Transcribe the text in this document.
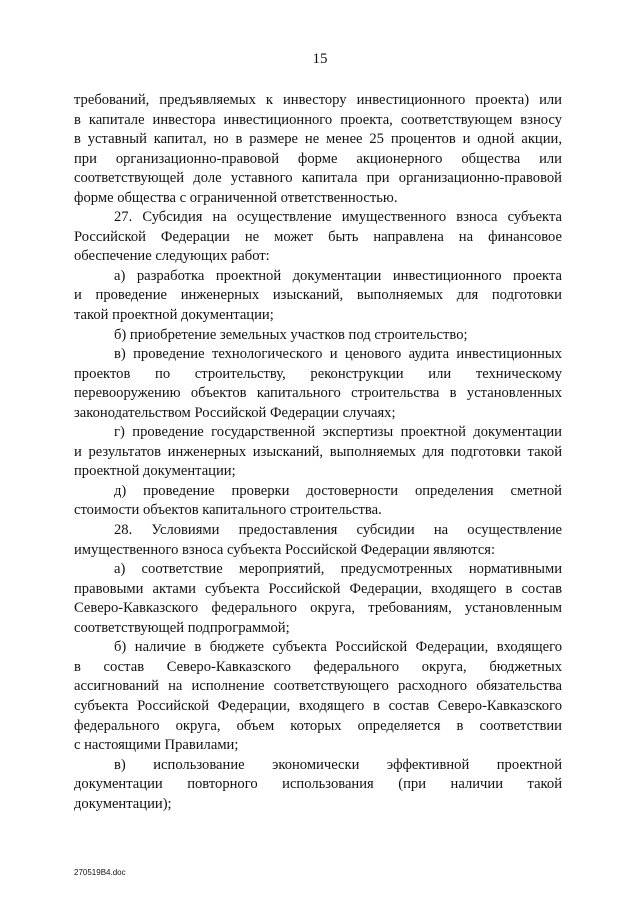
15

требований, предъявляемых к инвестору инвестиционного проекта) или
в капитале инвестора инвестиционного проекта, соответствующем взносу
в уставный капитал, но в размере не менее 25 процентов и одной акции,
при организационно-правовой форме акционерного общества или
соответствующей доле уставного капитала при организационно-правовой
форме общества с ограниченной ответственностью.

27. Субсидия на осуществление имущественного взноса субъекта
Российской Федерации не может быть направлена на финансовое
обеспечение следующих работ:

а) разработка проектной документации инвестиционного проекта
и проведение инженерных изысканий, выполняемых для подготовки
такой проектной документации;

б) приобретение земельных участков под строительство;

в) проведение технологического и ценового аудита инвестиционных
проектов по строительству, реконструкции или техническому
перевооружению объектов капитального строительства в установленных
законодательством Российской Федерации случаях;

г) проведение государственной экспертизы проектной документации
и результатов инженерных изысканий, выполняемых для подготовки такой
проектной документации;

д) проведение проверки достоверности определения сметной
стоимости объектов капитального строительства.

28. Условиями предоставления субсидии на осуществление
имущественного взноса субъекта Российской Федерации являются:

а) соответствие мероприятий, предусмотренных нормативными
правовыми актами субъекта Российской Федерации, входящего в состав
Северо-Кавказского федерального округа, требованиям, установленным
соответствующей подпрограммой;

б) наличие в бюджете субъекта Российской Федерации, входящего
в состав Северо-Кавказского федерального округа, бюджетных
ассигнований на исполнение соответствующего расходного обязательства
субъекта Российской Федерации, входящего в состав Северо-Кавказского
федерального округа, объем которых определяется в соответствии
с настоящими Правилами;

в) использование экономически эффективной проектной
документации повторного использования (при наличии такой
документации);

270519B4.doc
